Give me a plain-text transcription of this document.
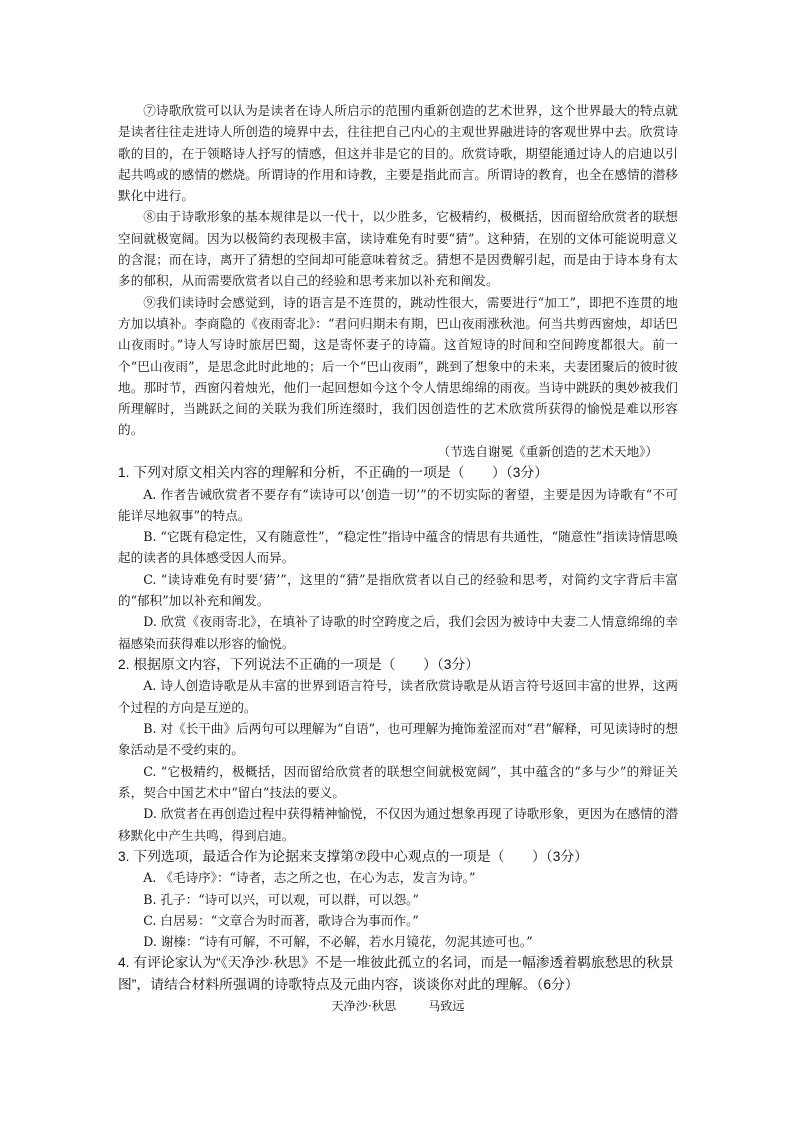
⑦诗歌欣赏可以认为是读者在诗人所启示的范围内重新创造的艺术世界，这个世界最大的特点就是读者往往走进诗人所创造的境界中去，往往把自己内心的主观世界融进诗的客观世界中去。欣赏诗歌的目的，在于领略诗人抒写的情感，但这并非是它的目的。欣赏诗歌，期望能通过诗人的启迪以引起共鸣或的感情的燃烧。所谓诗的作用和诗教，主要是指此而言。所谓诗的教育，也全在感情的潜移默化中进行。

⑧由于诗歌形象的基本规律是以一代十，以少胜多，它极精约，极概括，因而留给欣赏者的联想空间就极宽阔。因为以极简约表现极丰富，读诗难免有时要“猜”。这种猜，在别的文体可能说明意义的含混；而在诗，离开了猜想的空间却可能意味着贫乏。猜想不是因费解引起，而是由于诗本身有太多的郁积，从而需要欣赏者以自己的经验和思考来加以补充和阐发。

⑨我们读诗时会感觉到，诗的语言是不连贯的，跳动性很大，需要进行“加工”，即把不连贯的地方加以填补。李商隐的《夜雨寄北》：“君问归期未有期，巴山夜雨涨秋池。何当共剪西窗烛，却话巴山夜雨时。”诗人写诗时旅居巴蜀，这是寄怀妻子的诗篇。这首短诗的时间和空间跨度都很大。前一个“巴山夜雨”，是思念此时此地的；后一个“巴山夜雨”，跳到了想象中的未来，夫妻团聚后的彼时彼地。那时节，西窗闪着烛光，他们一起回想如今这个令人情思绵绵的雨夜。当诗中跳跃的奥妙被我们所理解时，当跳跃之间的关联为我们所连缀时，我们因创造性的艺术欣赏所获得的愉悦是难以形容的。

（节选自谢冕《重新创造的艺术天地》）

1. 下列对原文相关内容的理解和分析，不正确的一项是（　　）（3分）

A. 作者告诫欣赏者不要存有“读诗可以‘创造一切’”的不切实际的奢望，主要是因为诗歌有“不可能详尽地叙事”的特点。

B. “它既有稳定性，又有随意性”，“稳定性”指诗中蕴含的情思有共通性，“随意性”指读诗情思唤起的读者的具体感受因人而异。

C. “读诗难免有时要‘猜’”，这里的“猜”是指欣赏者以自己的经验和思考，对简约文字背后丰富的“郁积”加以补充和阐发。

D. 欣赏《夜雨寄北》，在填补了诗歌的时空跨度之后，我们会因为被诗中夫妻二人情意绵绵的幸福感染而获得难以形容的愉悦。

2. 根据原文内容，下列说法不正确的一项是（　　）（3分）

A. 诗人创造诗歌是从丰富的世界到语言符号，读者欣赏诗歌是从语言符号返回丰富的世界，这两个过程的方向是互逆的。

B. 对《长干曲》后两句可以理解为“自语”，也可理解为掩饰羞涩而对“君”解释，可见读诗时的想象活动是不受约束的。

C. “它极精约，极概括，因而留给欣赏者的联想空间就极宽阔”，其中蕴含的“多与少”的辩证关系，契合中国艺术中“留白”技法的要义。

D. 欣赏者在再创造过程中获得精神愉悦，不仅因为通过想象再现了诗歌形象，更因为在感情的潜移默化中产生共鸣，得到启迪。

3. 下列选项，最适合作为论据来支撑第⑦段中心观点的一项是（　　）（3分）

A. 《毛诗序》：“诗者，志之所之也，在心为志，发言为诗。”

B. 孔子：“诗可以兴，可以观，可以群，可以怨。”

C. 白居易：“文章合为时而著，歌诗合为事而作。”

D. 谢榛：“诗有可解，不可解，不必解，若水月镜花，勿泥其迹可也。”

4. 有评论家认为“《天净沙·秋思》不是一堆彼此孤立的名词，而是一幅渗透着羁旅愁思的秋景图”，请结合材料所强调的诗歌特点及元曲内容，谈谈你对此的理解。（6分）

天净沙·秋思	马致远
